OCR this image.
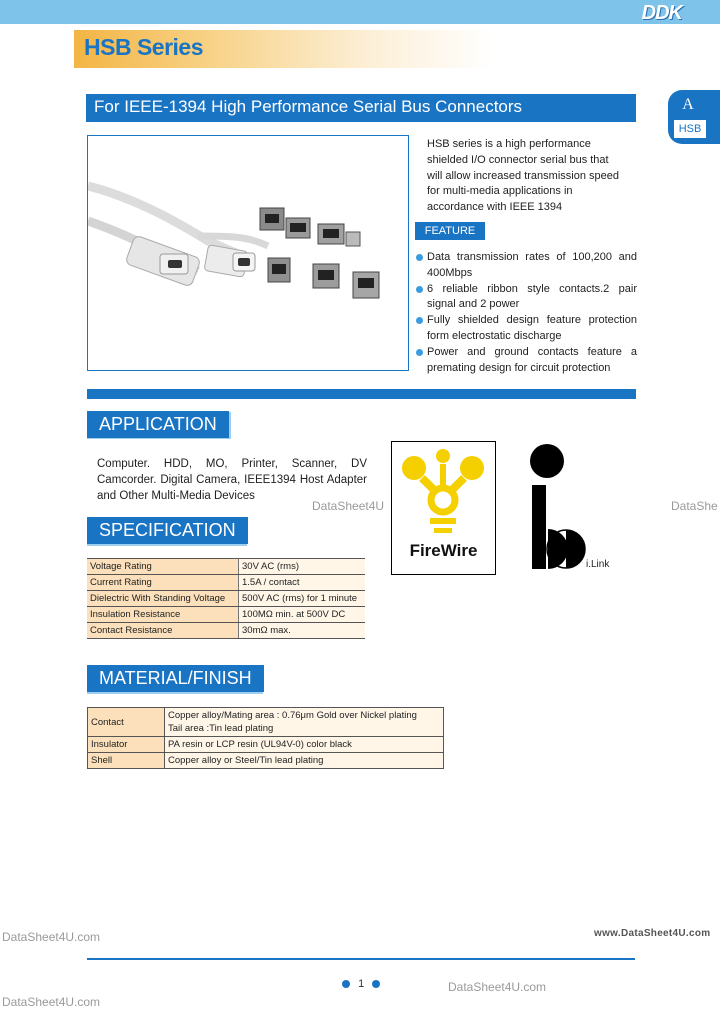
DDK
HSB Series
A
HSB
For IEEE-1394 High Performance Serial Bus Connectors
HSB series is a high performance
shielded I/O connector serial bus that
will allow increased transmission speed
for multi-media applications in
accordance with IEEE 1394
FEATURE
Data transmission rates of 100,200 and 400Mbps
6 reliable ribbon style contacts.2 pair signal and 2 power
Fully shielded design feature protection form electrostatic discharge
Power and ground contacts feature a premating design for circuit protection
APPLICATION
Computer. HDD, MO, Printer, Scanner, DV Camcorder. Digital Camera, IEEE1394 Host Adapter and Other Multi-Media Devices
DataSheet4U	DataShe
FireWire
i.Link
SPECIFICATION
Voltage Rating	30V AC (rms)
Current Rating	1.5A / contact
Dielectric With Standing Voltage	500V AC (rms) for 1 minute
Insulation Resistance	100MΩ min. at 500V DC
Contact Resistance	30mΩ max.
MATERIAL/FINISH
Contact	Copper alloy/Mating area : 0.76μm Gold over Nickel plating
Tail area :Tin lead plating

Insulator	PA resin or LCP resin (UL94V-0) color black
Shell	Copper alloy or Steel/Tin lead plating
DataSheet4U.com	www.DataSheet4U.com
1
DataSheet4U.com
DataSheet4U.com
